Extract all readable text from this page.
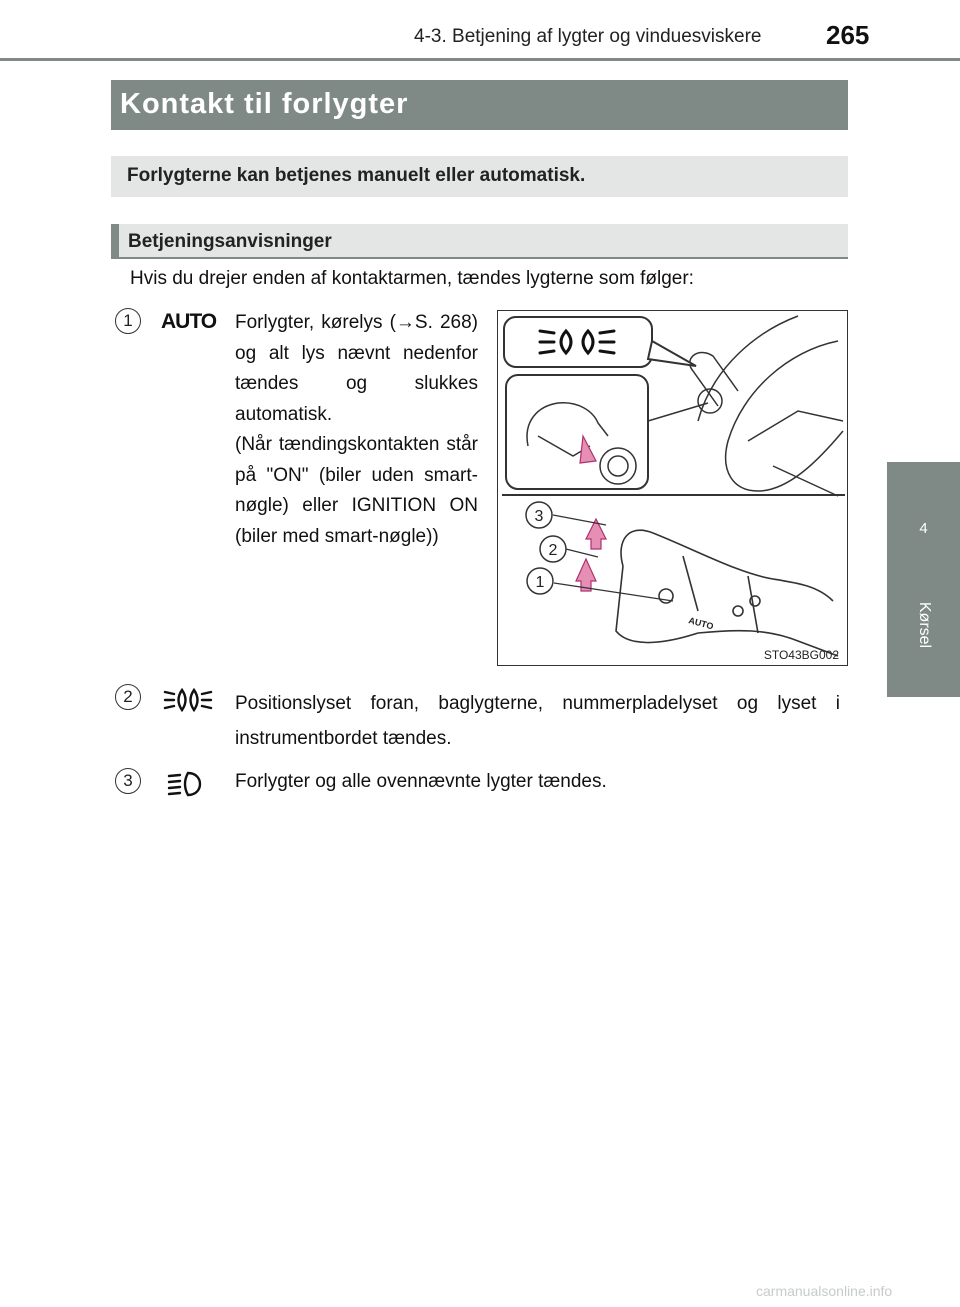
4-3. Betjening af lygter og vinduesviskere 265
4
Kørsel
Kontakt til forlygter
Forlygterne kan betjenes manuelt eller automatisk.
Betjeningsanvisninger
Hvis du drejer enden af kontaktarmen, tændes lygterne som følger:
1	AUTO Forlygter, kørelys (→S. 268) og alt lys nævnt nedenfor tændes og slukkes automatisk.

(Når tændingskontakten står på "ON" (biler uden smart-nøgle) eller IGNITION ON (biler med smart-nøgle))

AUTO
3
2
1
STO43BG002
2	Positionslyset foran, baglygterne, nummerpladelyset og lyset i instrumentbordet tændes.
3	Forlygter og alle ovennævnte lygter tændes.
carmanualsonline.info
